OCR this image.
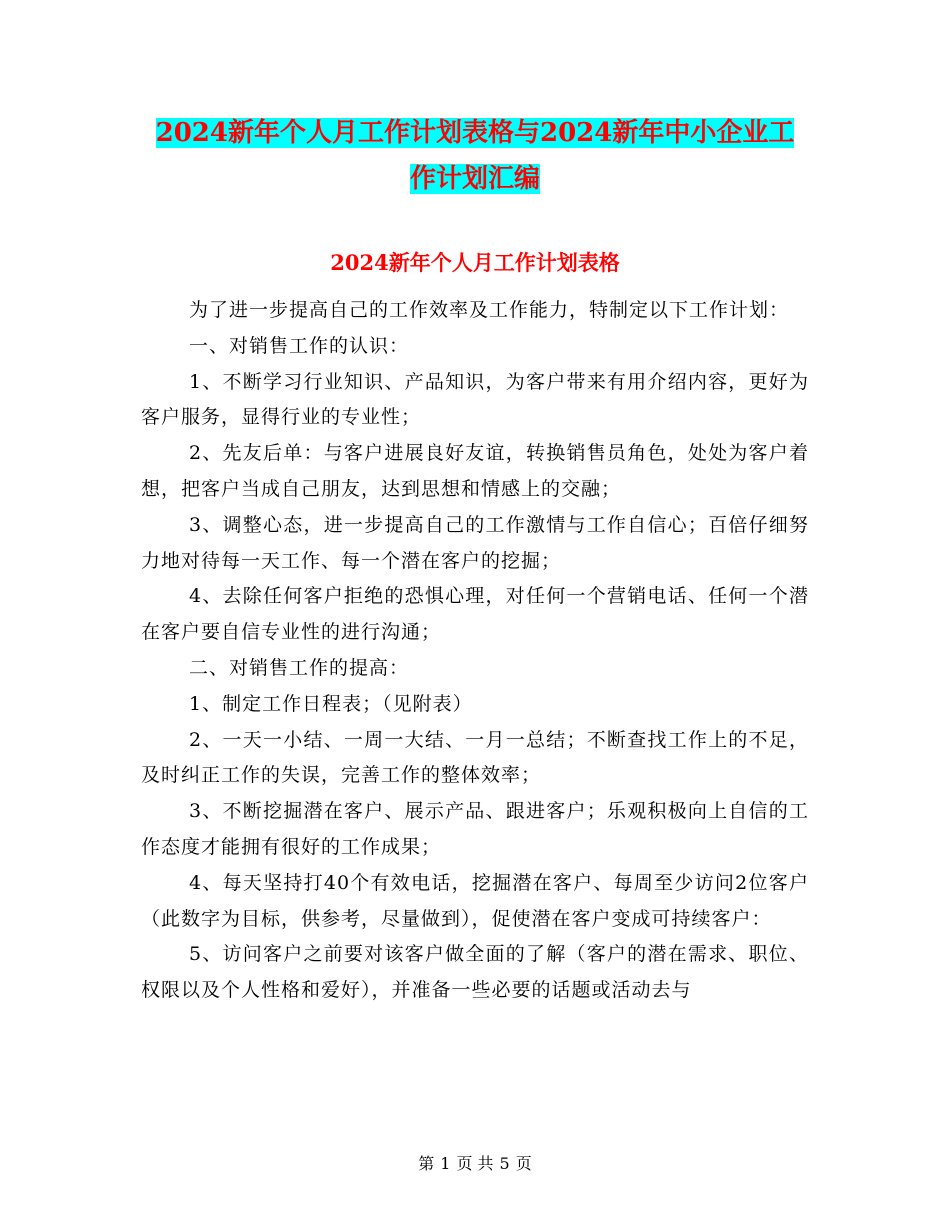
2024新年个人月工作计划表格与2024新年中小企业工
作计划汇编
2024新年个人月工作计划表格

为了进一步提高自己的工作效率及工作能力，特制定以下工作计划：

一、对销售工作的认识：

1、不断学习行业知识、产品知识，为客户带来有用介绍内容，更好为客户服务，显得行业的专业性；

2、先友后单：与客户进展良好友谊，转换销售员角色，处处为客户着想，把客户当成自己朋友，达到思想和情感上的交融；

3、调整心态，进一步提高自己的工作激情与工作自信心；百倍仔细努力地对待每一天工作、每一个潜在客户的挖掘；

4、去除任何客户拒绝的恐惧心理，对任何一个营销电话、任何一个潜在客户要自信专业性的进行沟通；

二、对销售工作的提高：

1、制定工作日程表；（见附表）

2、一天一小结、一周一大结、一月一总结；不断查找工作上的不足，及时纠正工作的失误，完善工作的整体效率；

3、不断挖掘潜在客户、展示产品、跟进客户；乐观积极向上自信的工作态度才能拥有很好的工作成果；

4、每天坚持打40个有效电话，挖掘潜在客户、每周至少访问2位客户（此数字为目标，供参考，尽量做到），促使潜在客户变成可持续客户：

5、访问客户之前要对该客户做全面的了解（客户的潜在需求、职位、权限以及个人性格和爱好），并准备一些必要的话题或活动去与

第 1 页 共 5 页
